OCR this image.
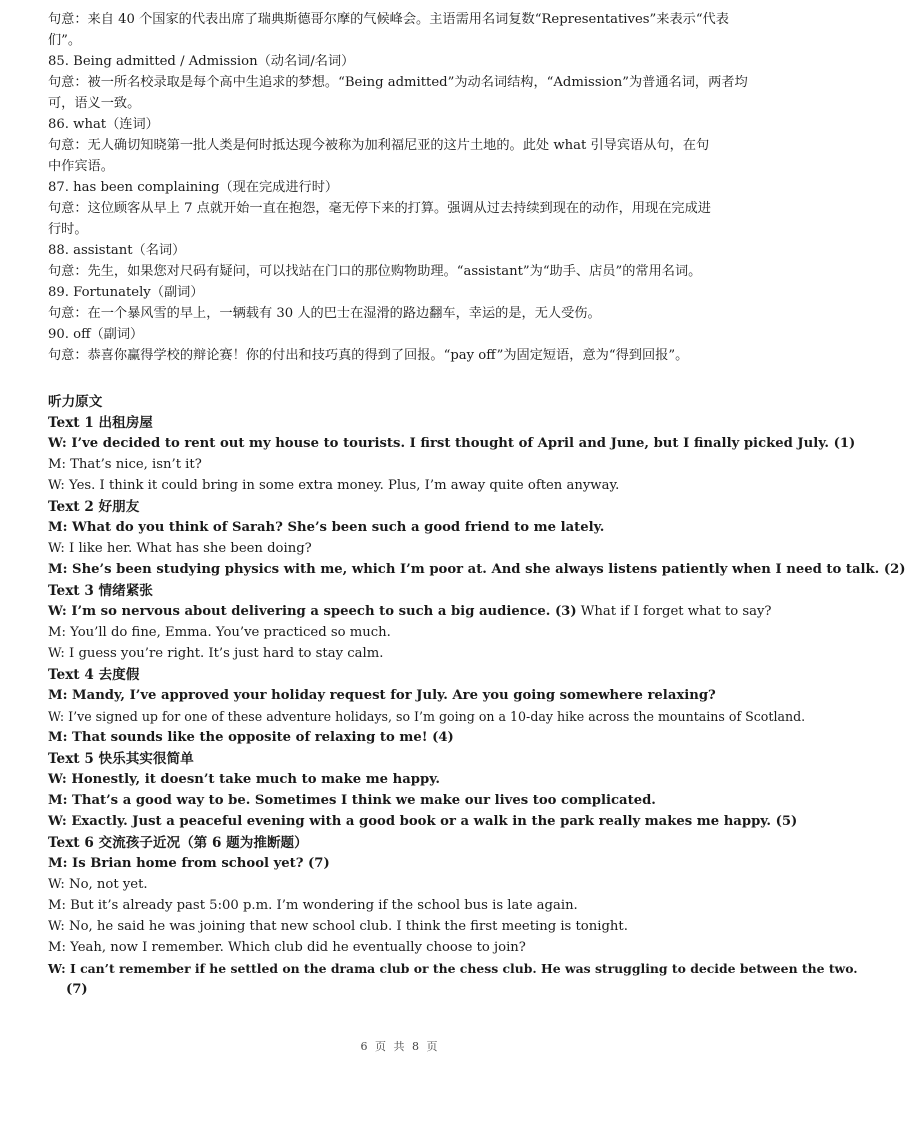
句意：来自 40 个国家的代表出席了瑞典斯德哥尔摩的气候峰会。主语需用名词复数“Representatives”来表示“代表
们”。
85. Being admitted / Admission（动名词/名词）
句意：被一所名校录取是每个高中生追求的梦想。“Being admitted”为动名词结构，“Admission”为普通名词，两者均
可，语义一致。
86. what（连词）
句意：无人确切知晓第一批人类是何时抵达现今被称为加利福尼亚的这片土地的。此处 what 引导宾语从句，在句
中作宾语。
87. has been complaining（现在完成进行时）
句意：这位顾客从早上 7 点就开始一直在抱怨，毫无停下来的打算。强调从过去持续到现在的动作，用现在完成进
行时。
88. assistant（名词）
句意：先生，如果您对尺码有疑问，可以找站在门口的那位购物助理。“assistant”为“助手、店员”的常用名词。
89. Fortunately（副词）
句意：在一个暴风雪的早上，一辆载有 30 人的巴士在湿滑的路边翻车，幸运的是，无人受伤。
90. off（副词）
句意：恭喜你赢得学校的辩论赛！你的付出和技巧真的得到了回报。“pay off”为固定短语，意为“得到回报”。
听力原文
Text 1 出租房屋
W: I’ve decided to rent out my house to tourists. I first thought of April and June, but I finally picked July. (1)
M: That’s nice, isn’t it?
W: Yes. I think it could bring in some extra money. Plus, I’m away quite often anyway.
Text 2 好朋友
M: What do you think of Sarah? She’s been such a good friend to me lately.
W: I like her. What has she been doing?
M: She’s been studying physics with me, which I’m poor at. And she always listens patiently when I need to talk. (2)
Text 3 情绪紧张
W: I’m so nervous about delivering a speech to such a big audience. (3) What if I forget what to say?
M: You’ll do fine, Emma. You’ve practiced so much.
W: I guess you’re right. It’s just hard to stay calm.
Text 4 去度假
M: Mandy, I’ve approved your holiday request for July. Are you going somewhere relaxing?
W: I’ve signed up for one of these adventure holidays, so I’m going on a 10-day hike across the mountains of Scotland.
M: That sounds like the opposite of relaxing to me! (4)
Text 5 快乐其实很简单
W: Honestly, it doesn’t take much to make me happy.
M: That’s a good way to be. Sometimes I think we make our lives too complicated.
W: Exactly. Just a peaceful evening with a good book or a walk in the park really makes me happy. (5)
Text 6 交流孩子近况（第 6 题为推断题）
M: Is Brian home from school yet? (7)
W: No, not yet.
M: But it’s already past 5:00 p.m. I’m wondering if the school bus is late again.
W: No, he said he was joining that new school club. I think the first meeting is tonight.
M: Yeah, now I remember. Which club did he eventually choose to join?
W: I can’t remember if he settled on the drama club or the chess club. He was struggling to decide between the two.
(7)
6 页 共 8 页
